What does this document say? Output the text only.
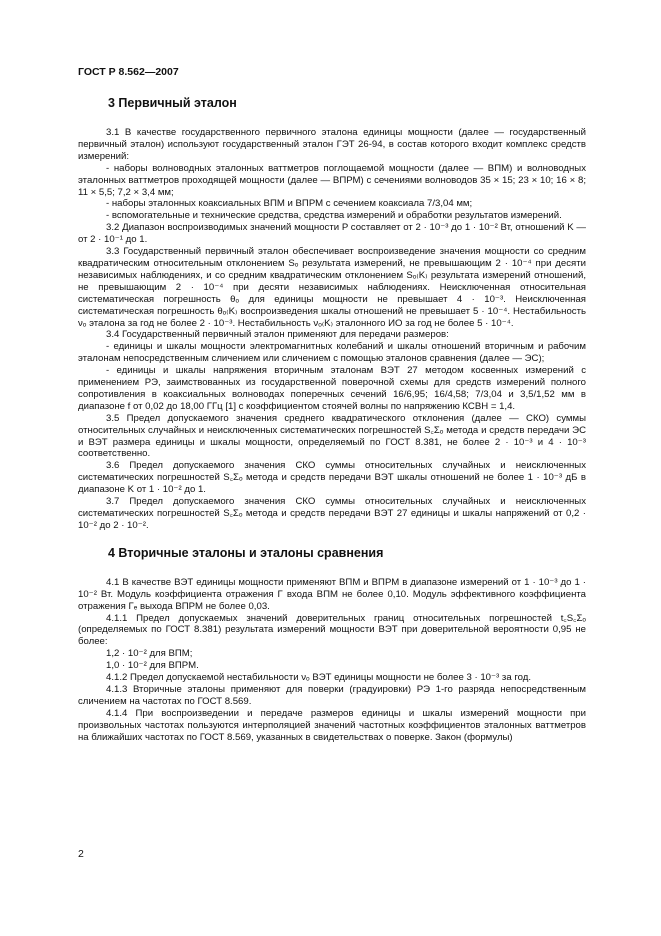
ГОСТ Р 8.562—2007
3 Первичный эталон

3.1 В качестве государственного первичного эталона единицы мощности (далее — государственный первичный эталон) используют государственный эталон ГЭТ 26-94, в состав которого входит комплекс средств измерений:

- наборы волноводных эталонных ваттметров поглощаемой мощности (далее — ВПМ) и волноводных эталонных ваттметров проходящей мощности (далее — ВПРМ) с сечениями волноводов 35 × 15; 23 × 10; 16 × 8; 11 × 5,5; 7,2 × 3,4 мм;

- наборы эталонных коаксиальных ВПМ и ВПРМ с сечением коаксиала 7/3,04 мм;

- вспомогательные и технические средства, средства измерений и обработки результатов измерений.

3.2 Диапазон воспроизводимых значений мощности P составляет от 2 · 10⁻³ до 1 · 10⁻² Вт, отношений K — от 2 · 10⁻¹ до 1.

3.3 Государственный первичный эталон обеспечивает воспроизведение значения мощности со средним квадратическим относительным отклонением Sₒ результата измерений, не превышающим 2 · 10⁻⁴ при десяти независимых наблюдениях, и со средним квадратическим отклонением Sₒ₍K₎ результата измерений отношений, не превышающим 2 · 10⁻⁴ при десяти независимых наблюдениях. Неисключенная относительная систематическая погрешность θₒ для единицы мощности не превышает 4 · 10⁻³. Неисключенная систематическая погрешность θₒ₍K₎ воспроизведения шкалы отношений не превышает 5 · 10⁻⁴. Нестабильность νₒ эталона за год не более 2 · 10⁻³. Нестабильность νₒ₍K₎ эталонного ИО за год не более 5 · 10⁻⁴.

3.4 Государственный первичный эталон применяют для передачи размеров:

- единицы и шкалы мощности электромагнитных колебаний и шкалы отношений вторичным и рабочим эталонам непосредственным сличением или сличением с помощью эталонов сравнения (далее — ЭС);

- единицы и шкалы напряжения вторичным эталонам ВЭТ 27 методом косвенных измерений с применением РЭ, заимствованных из государственной поверочной схемы для средств измерений полного сопротивления в коаксиальных волноводах поперечных сечений 16/6,95; 16/4,58; 7/3,04 и 3,5/1,52 мм в диапазоне f от 0,02 до 18,00 ГГц [1] с коэффициентом стоячей волны по напряжению КСВН = 1,4.

3.5 Предел допускаемого значения среднего квадратического отклонения (далее — СКО) суммы относительных случайных и неисключенных систематических погрешностей S꜀Σₒ метода и средств передачи ЭС и ВЭТ размера единицы и шкалы мощности, определяемый по ГОСТ 8.381, не более 2 · 10⁻³ и 4 · 10⁻³ соответственно.

3.6 Предел допускаемого значения СКО суммы относительных случайных и неисключенных систематических погрешностей S꜀Σₒ метода и средств передачи ВЭТ шкалы отношений не более 1 · 10⁻³ дБ в диапазоне K от 1 · 10⁻² до 1.

3.7 Предел допускаемого значения СКО суммы относительных случайных и неисключенных систематических погрешностей S꜀Σₒ метода и средств передачи ВЭТ 27 единицы и шкалы напряжений от 0,2 · 10⁻² до 2 · 10⁻².

4 Вторичные эталоны и эталоны сравнения

4.1 В качестве ВЭТ единицы мощности применяют ВПМ и ВПРМ в диапазоне измерений от 1 · 10⁻³ до 1 · 10⁻² Вт. Модуль коэффициента отражения Γ входа ВПМ не более 0,10. Модуль эффективного коэффициента отражения Γₑ выхода ВПРМ не более 0,03.

4.1.1 Предел допускаемых значений доверительных границ относительных погрешностей t꜀S꜀Σₒ (определяемых по ГОСТ 8.381) результата измерений мощности ВЭТ при доверительной вероятности 0,95 не более:

1,2 · 10⁻² для ВПМ;

1,0 · 10⁻² для ВПРМ.

4.1.2 Предел допускаемой нестабильности νₒ ВЭТ единицы мощности не более 3 · 10⁻³ за год.

4.1.3 Вторичные эталоны применяют для поверки (градуировки) РЭ 1-го разряда непосредственным сличением на частотах по ГОСТ 8.569.

4.1.4 При воспроизведении и передаче размеров единицы и шкалы измерений мощности при произвольных частотах пользуются интерполяцией значений частотных коэффициентов эталонных ваттметров на ближайших частотах по ГОСТ 8.569, указанных в свидетельствах о поверке. Закон (формулы)

2
